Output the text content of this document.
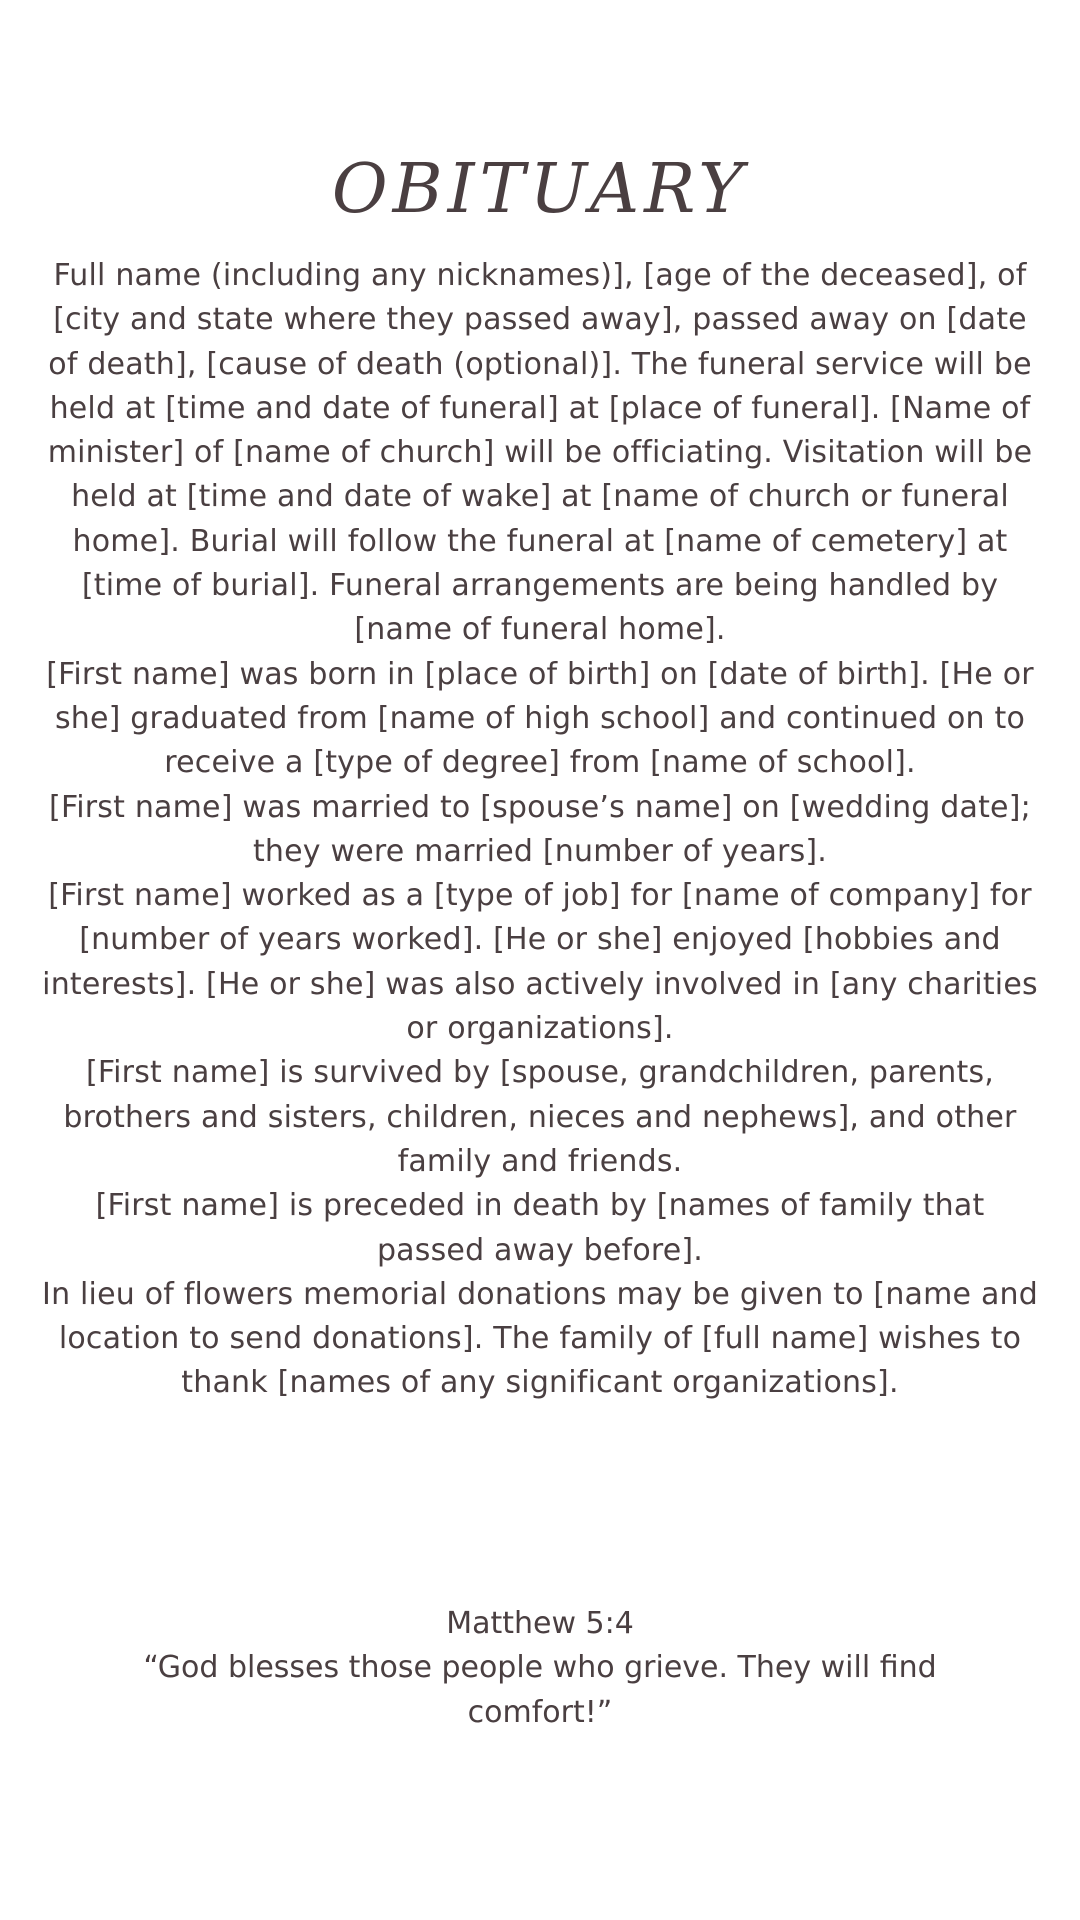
OBITUARY

Full name (including any nicknames)], [age of the deceased], of [city and state where they passed away], passed away on [date of death], [cause of death (optional)]. The funeral service will be held at [time and date of funeral] at [place of funeral]. [Name of minister] of [name of church] will be officiating. Visitation will be held at [time and date of wake] at [name of church or funeral home]. Burial will follow the funeral at [name of cemetery] at [time of burial]. Funeral arrangements are being handled by [name of funeral home].

[First name] was born in [place of birth] on [date of birth]. [He or she] graduated from [name of high school] and continued on to receive a [type of degree] from [name of school].

[First name] was married to [spouse’s name] on [wedding date]; they were married [number of years].

[First name] worked as a [type of job] for [name of company] for [number of years worked]. [He or she] enjoyed [hobbies and interests]. [He or she] was also actively involved in [any charities or organizations].

[First name] is survived by [spouse, grandchildren, parents, brothers and sisters, children, nieces and nephews], and other family and friends.

[First name] is preceded in death by [names of family that passed away before].

In lieu of flowers memorial donations may be given to [name and location to send donations]. The family of [full name] wishes to thank [names of any significant organizations].

Matthew 5:4

“God blesses those people who grieve. They will find comfort!”
